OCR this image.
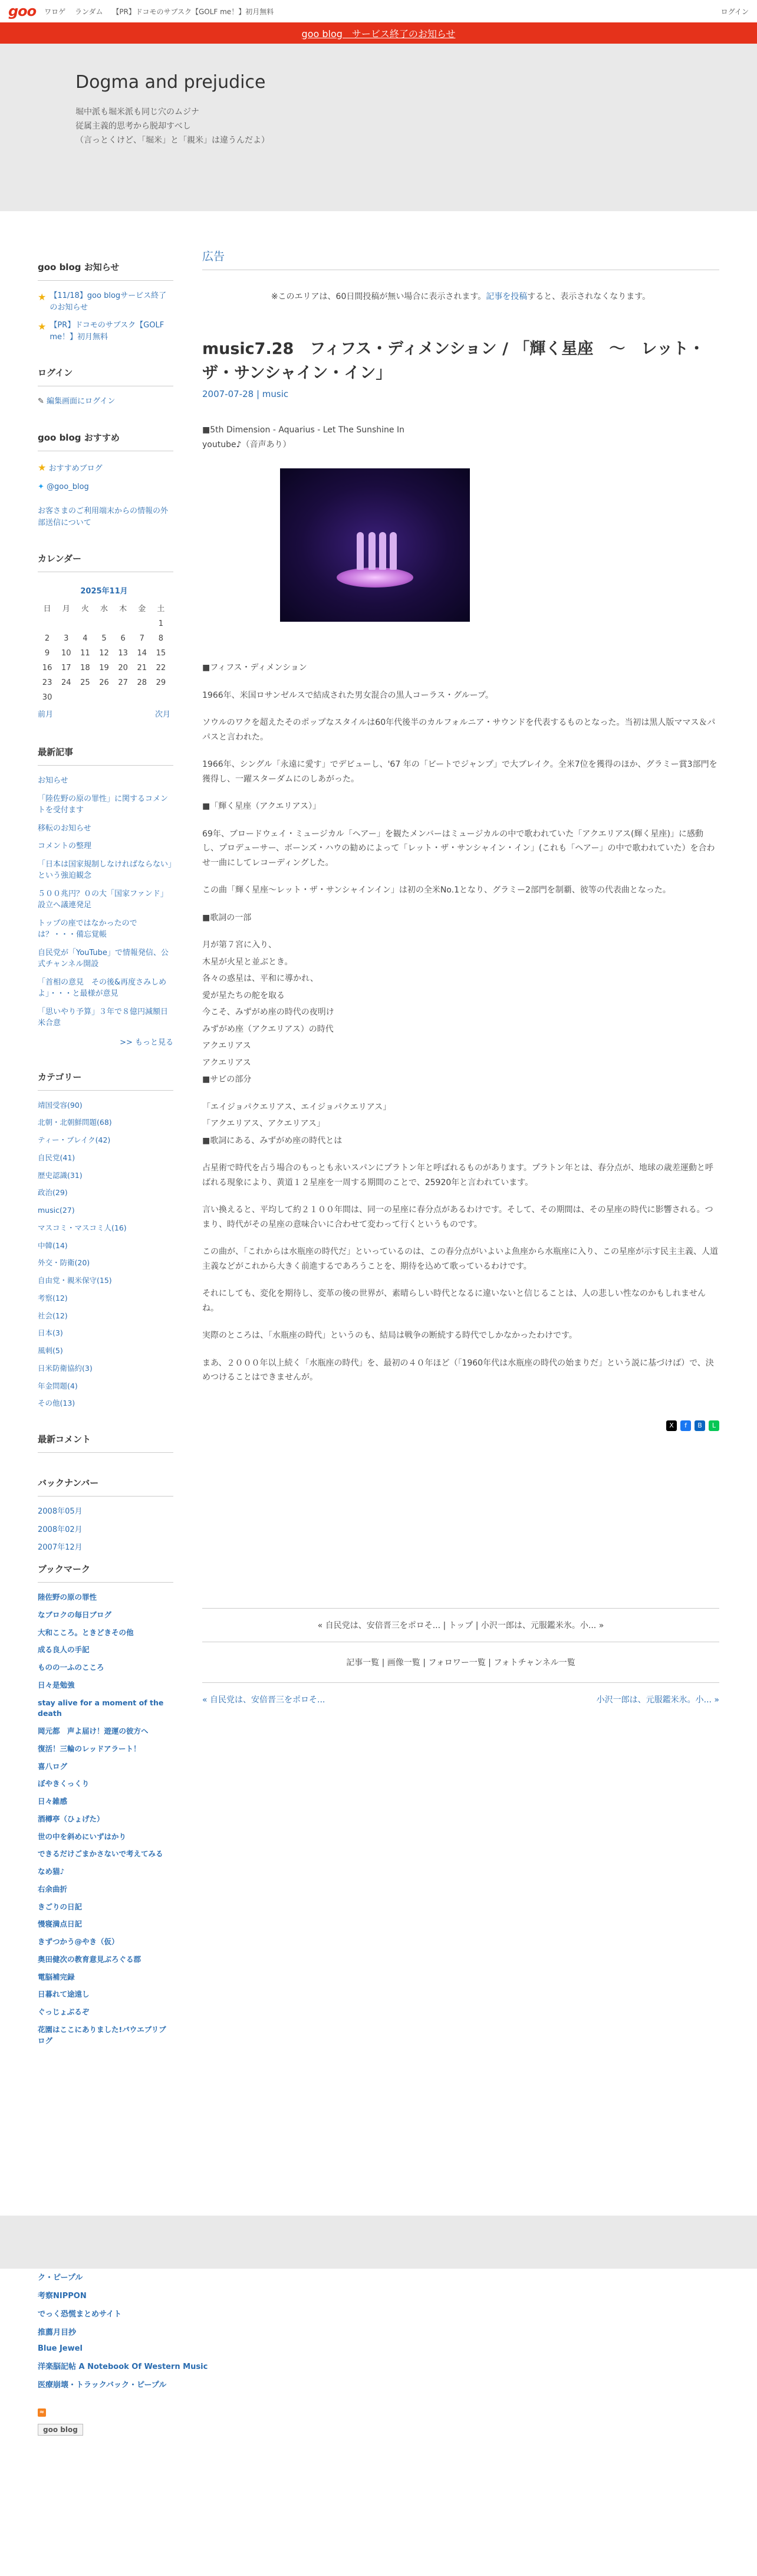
goo ワロゲ ランダム 【PR】ドコモのサブスク【GOLF me！】初月無料	ログイン
goo blog　サービス終了のお知らせ
Dogma and prejudice
堀中派も堀米派も同じ穴のムジナ
従属主義的思考から脱却すべし
（言っとくけど、「堀米」と「親米」は違うんだよ）
goo blog お知らせ
★ 【11/18】goo blogサービス終了のお知らせ
★ 【PR】ドコモのサブスク【GOLF me！】初月無料
ログイン
✎ 編集画面にログイン
goo blog おすすめ
★ おすすめブログ
✦ @goo_blog
お客さまのご利用端末からの情報の外部送信について
カレンダー
2025年11月						
日	月	火	水	木	金	土
						1
2	3	4	5	6	7	8
9	10	11	12	13	14	15
16	17	18	19	20	21	22
23	24	25	26	27	28	29
30						
前月				次月		
最新記事
お知らせ
「陸佐野の原の罪性」に関するコメントを受付ます
移転のお知らせ
コメントの整理
「日本は国家規制しなければならない」という強迫観念
５００兆円？０の大「国家ファンド」設立へ議連発足
トップの座ではなかったのでは？・・・備忘覚帳
自民党が「YouTube」で情報発信、公式チャンネル開設
「首相の意見　その後&再度さみしめよ」・・・と最様が意見
「思いやり予算」３年で８億円減額日米合意
>> もっと見る
カテゴリー
靖国受容(90)
北朝・北朝鮮問題(68)
ティー・ブレイク(42)
自民党(41)
歴史認識(31)
政治(29)
music(27)
マスコミ・マスコミ人(16)
中韓(14)
外交・防衛(20)
自由党・親米保守(15)
考察(12)
社会(12)
日本(3)
風刺(5)
日米防衛協約(3)
年金問題(4)
その他(13)
最新コメント
バックナンバー
2008年05月
2008年02月
2007年12月
ブックマーク
陸佐野の原の罪性
なブロクの毎日ブログ
大和こころ。ときどきその他
成る良人の手記
ものの一ふのこころ
日々是勉強
stay alive for a moment of the death
岡元都　声よ届け！遊運の彼方へ
復活！三輪のレッドアラート！
喜八ログ
ぼやきくっくり
日々雑感
酒樽亭（ひょげた）
世の中を斜めにいずはかり
できるだけごまかさないで考えてみる
なめ猫♪
右余曲折
きごりの日記
慢寝満点日記
きずつかう@やき（仮）
奥田健次の教育意見ぶろぐる郡
電脳補完録
日暮れて途遠し
ぐっじょぶるぞ
花園はここにありました!パウエブリブログ
広告
※このエリアは、60日間投稿が無い場合に表示されます。記事を投稿すると、表示されなくなります。
music7.28　フィフス・ディメンション / 「輝く星座　～　レット・ザ・サンシャイン・イン」
2007-07-28 | music
■5th Dimension - Aquarius - Let The Sunshine In
youtube♪（音声あり）

■フィフス・ディメンション

1966年、米国ロサンゼルスで結成された男女混合の黒人コーラス・グループ。

ソウルのワクを超えたそのポップなスタイルは60年代後半のカルフォルニア・サウンドを代表するものとなった。当初は黒人版ママス＆パパスと言われた。

1966年、シングル「永遠に愛す」でデビューし、'67 年の「ビートでジャンプ」で大ブレイク。全米7位を獲得のほか、グラミー賞3部門を獲得し、一躍スターダムにのしあがった。

■「輝く星座（アクエリアス）」

69年、ブロードウェイ・ミュージカル「ヘアー」を観たメンバーはミュージカルの中で歌われていた「アクエリアス(輝く星座)」に感動し、プロデューサー、ボーンズ・ハウの勧めによって「レット・ザ・サンシャイン・イン」(これも「ヘアー」の中で歌われていた）を合わせ一曲にしてレコーディングした。

この曲「輝く星座～レット・ザ・サンシャインイン」は初の全米No.1となり、グラミー2部門を制覇、彼等の代表曲となった。

■歌詞の一部

月が第７宮に入り、

木星が火星と並ぶとき。

各々の惑星は、平和に導かれ、

愛が星たちの舵を取る

今こそ、みずがめ座の時代の夜明け

みずがめ座（アクエリアス）の時代

アクエリアス

アクエリアス

■サビの部分

「エイジョパクエリアス、エイジョパクエリアス」

「アクエリアス、アクエリアス」

■歌詞にある、みずがめ座の時代とは

占星術で時代を占う場合のもっとも永いスパンにプラトン年と呼ばれるものがあります。プラトン年とは、春分点が、地球の歳差運動と呼ばれる現象により、黄道１２星座を一周する期間のことで、25920年と言われています。

言い換えると、平均して約２１００年間は、同一の星座に春分点があるわけです。そして、その期間は、その星座の時代に影響される。つまり、時代がその星座の意味合いに合わせて変わって行くというものです。

この曲が、「これからは水瓶座の時代だ」といっているのは、この春分点がいよいよ魚座から水瓶座に入り、この星座が示す民主主義、人道主義などがこれから大きく前進するであろうことを、期待を込めて歌っているわけです。

それにしても、変化を期待し、変革の後の世界が、素晴らしい時代となるに違いないと信じることは、人の悲しい性なのかもしれませんね。

実際のところは、「水瓶座の時代」というのも、結局は戦争の断続する時代でしかなかったわけです。

まあ、２０００年以上続く「水瓶座の時代」を、最初の４０年ほど（「1960年代は水瓶座の時代の始まりだ」という説に基づけば）で、決めつけることはできませんが。

X	f	B	L
« 自民党は、安倍晋三をポロそ... | トップ | 小沢一郎は、元服鑑米氷。小... »
記事一覧 | 画像一覧 | フォロワー一覧 | フォトチャンネル一覧
« 自民党は、安倍晋三をポロそ...	小沢一郎は、元服鑑米氷。小... »
ク・ピープル
考察NIPPON
でっく恐慌まとめサイト
推薦月目抄
Blue Jewel
洋楽脳記帖 A Notebook Of Western Music
医療崩壊・トラックバック・ピープル
≈
goo blog
